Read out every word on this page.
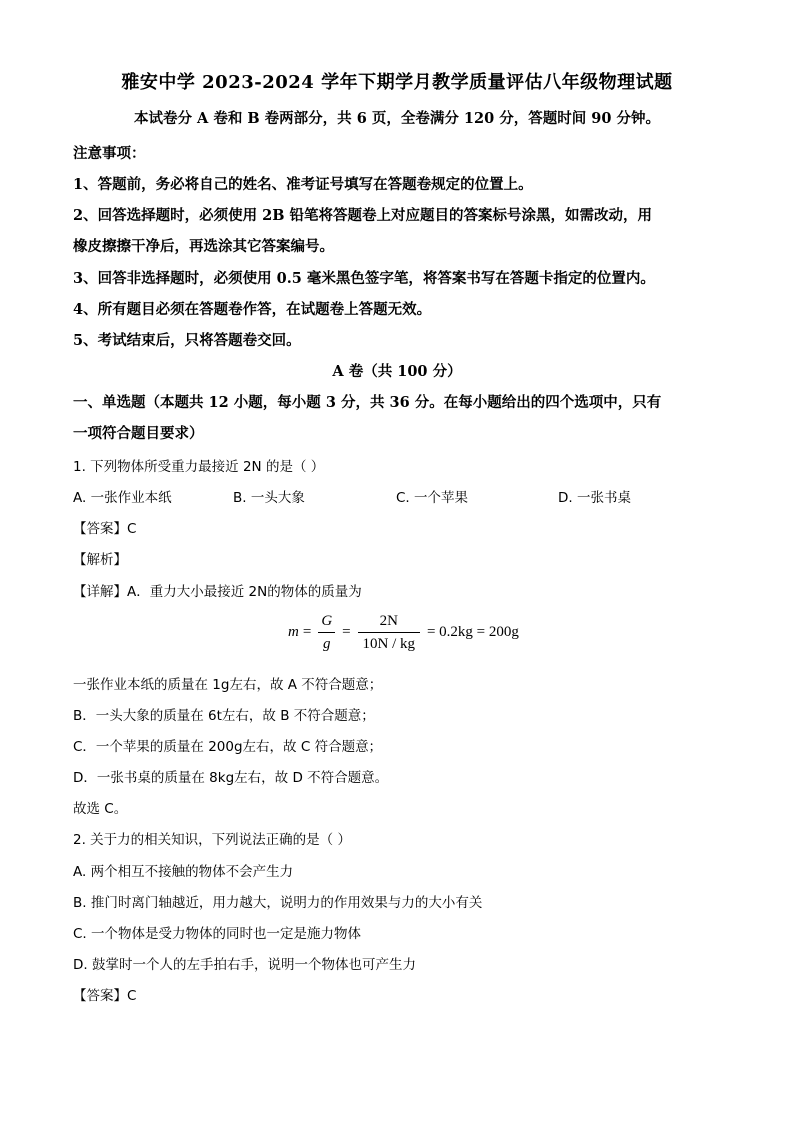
雅安中学 2023-2024 学年下期学月教学质量评估八年级物理试题
本试卷分 A 卷和 B 卷两部分，共 6 页，全卷满分 120 分，答题时间 90 分钟。
注意事项：
1、答题前，务必将自己的姓名、准考证号填写在答题卷规定的位置上。
2、回答选择题时，必须使用 2B 铅笔将答题卷上对应题目的答案标号涂黑，如需改动，用
橡皮擦擦干净后，再选涂其它答案编号。
3、回答非选择题时，必须使用 0.5 毫米黑色签字笔，将答案书写在答题卡指定的位置内。
4、所有题目必须在答题卷作答，在试题卷上答题无效。
5、考试结束后，只将答题卷交回。
A 卷（共 100 分）
一、单选题（本题共 12 小题，每小题 3 分，共 36 分。在每小题给出的四个选项中，只有
一项符合题目要求）
1. 下列物体所受重力最接近 2N 的是（ ）
A. 一张作业本纸	B. 一头大象	C. 一个苹果	D. 一张书桌
【答案】C
【解析】
【详解】A．重力大小最接近 2N的物体的质量为
$m = \frac{G}{g} = \frac{2N}{10N / kg} = 0.2kg = 200g$
一张作业本纸的质量在 1g左右，故 A 不符合题意；
B．一头大象的质量在 6t左右，故 B 不符合题意；
C．一个苹果的质量在 200g左右，故 C 符合题意；
D．一张书桌的质量在 8kg左右，故 D 不符合题意。
故选 C。
2. 关于力的相关知识，下列说法正确的是（ ）
A. 两个相互不接触的物体不会产生力
B. 推门时离门轴越近，用力越大，说明力的作用效果与力的大小有关
C. 一个物体是受力物体的同时也一定是施力物体
D. 鼓掌时一个人的左手拍右手，说明一个物体也可产生力
【答案】C
